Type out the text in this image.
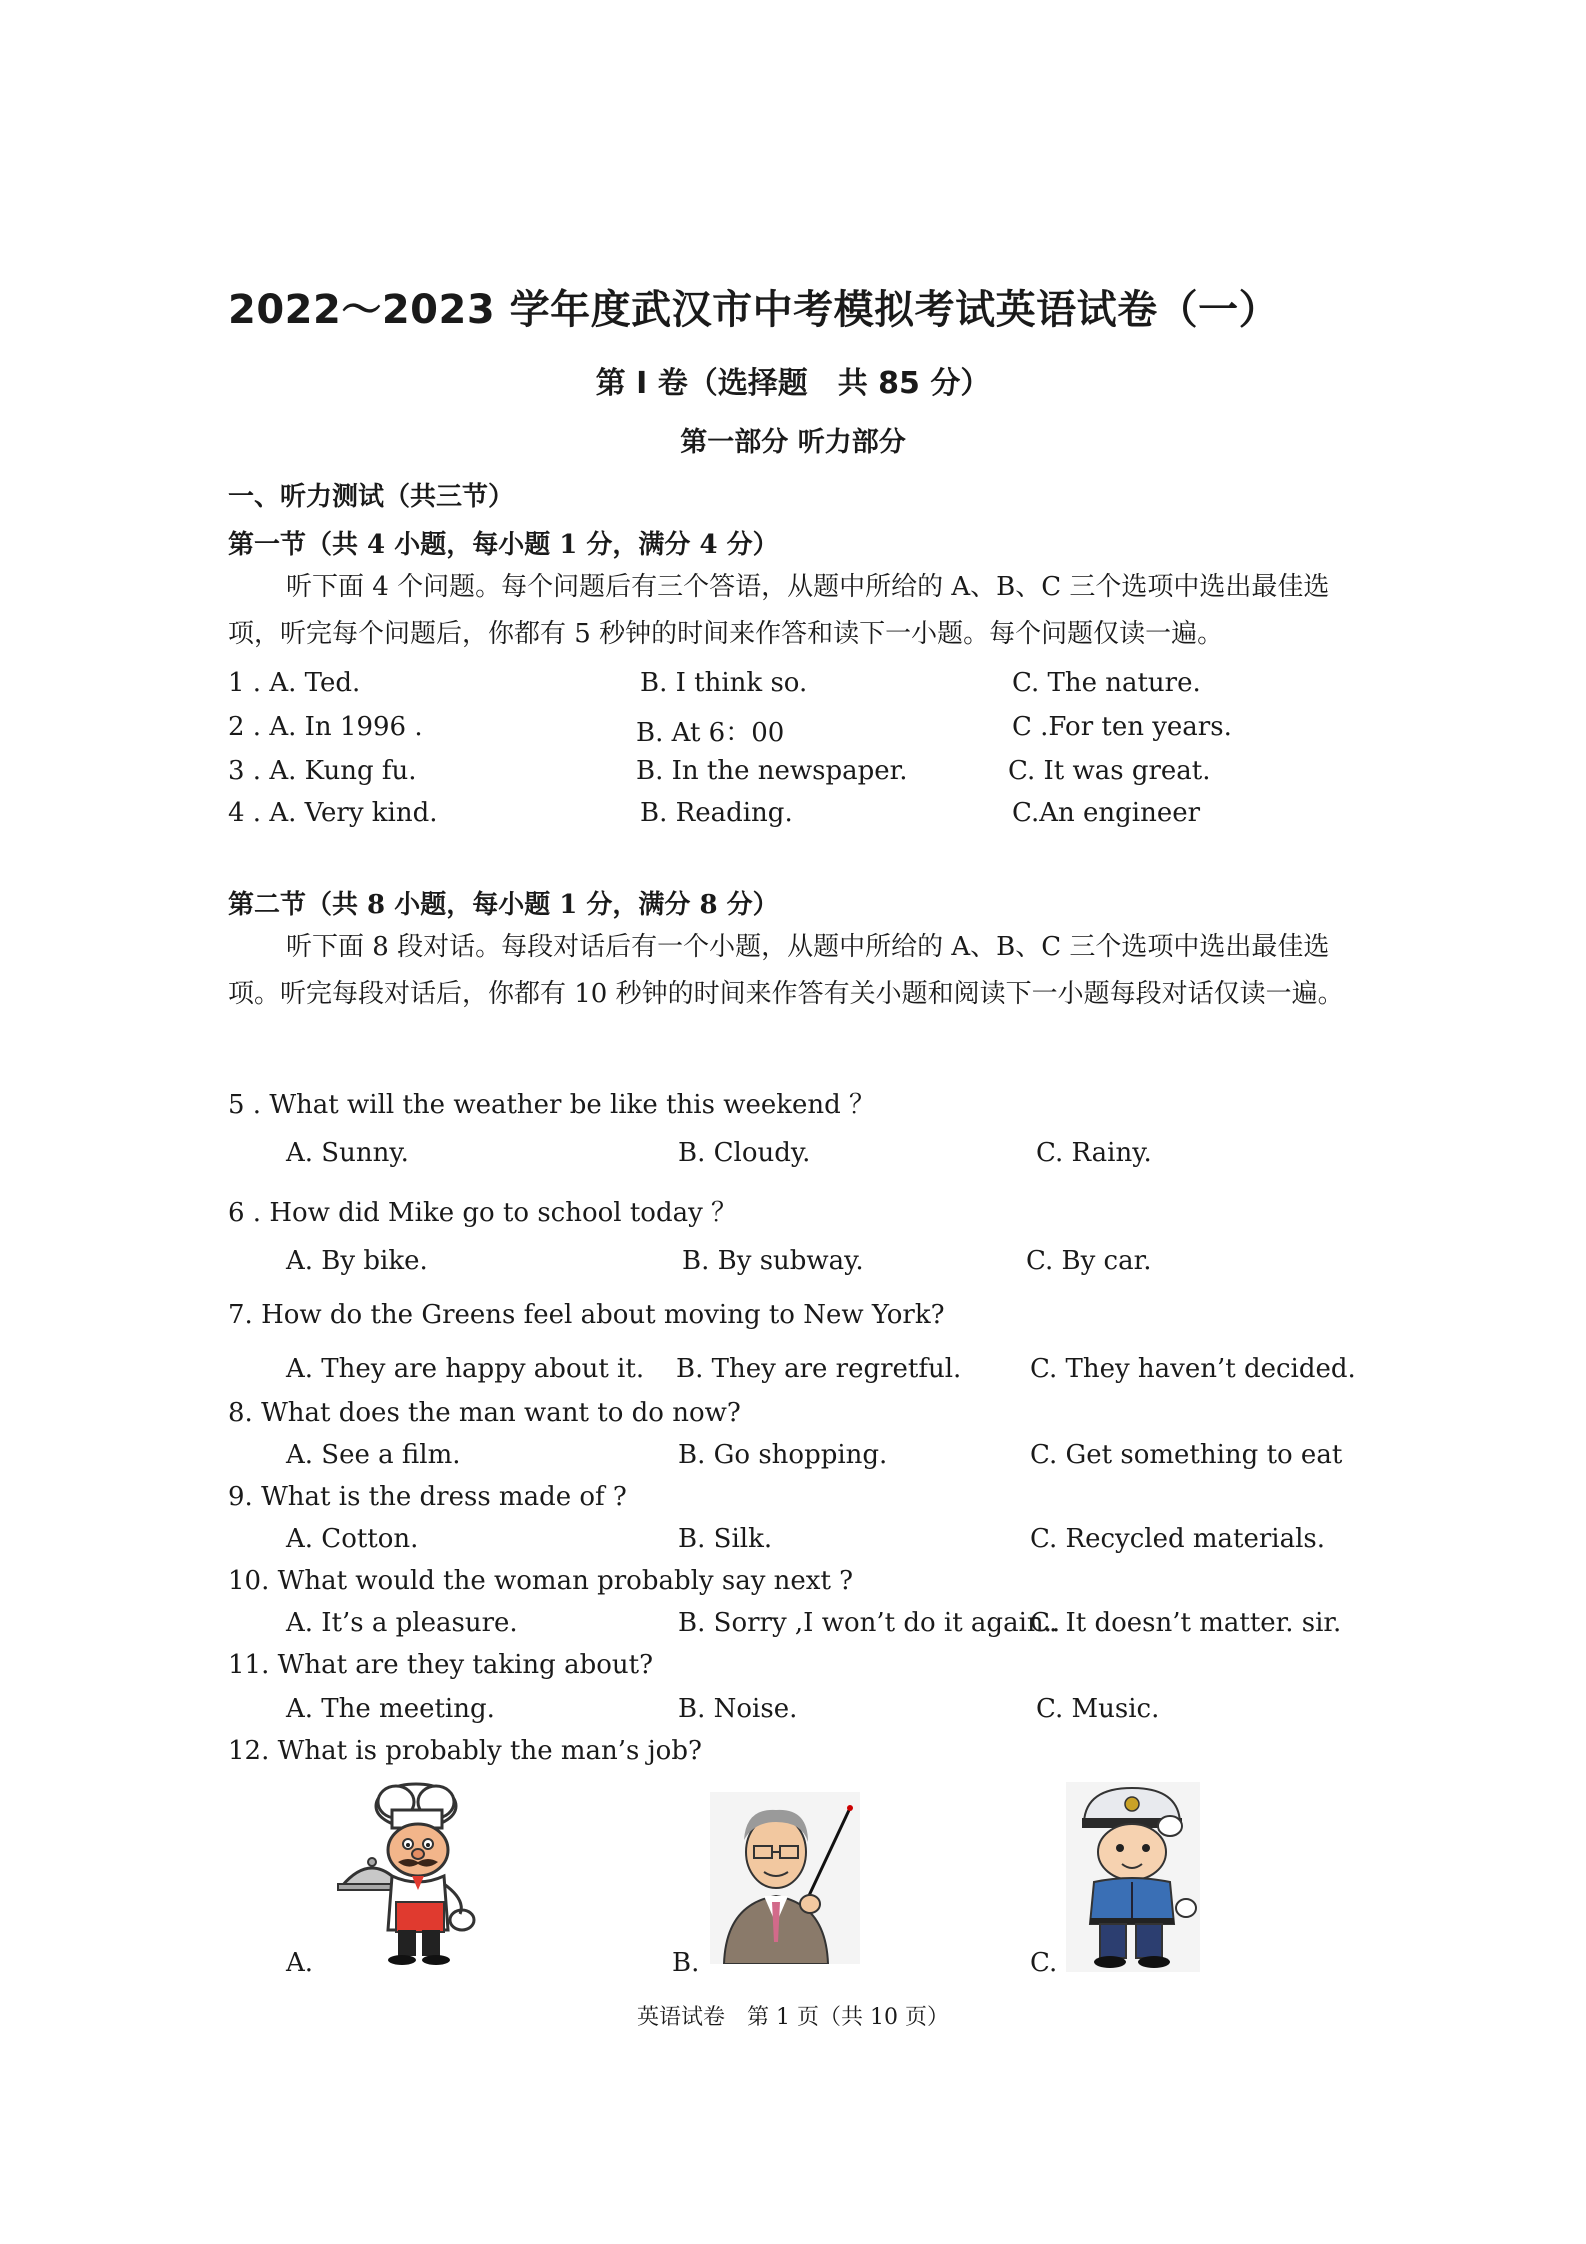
2022～2023 学年度武汉市中考模拟考试英语试卷（一）
第 I 卷（选择题　共 85 分）
第一部分 听力部分
一、听力测试（共三节）
第一节（共 4 小题，每小题 1 分，满分 4 分）
听下面 4 个问题。每个问题后有三个答语，从题中所给的 A、B、C 三个选项中选出最佳选项，听完每个问题后，你都有 5 秒钟的时间来作答和读下一小题。每个问题仅读一遍。
1 . A. Ted.	B. I think so.	C. The nature.
2 . A. In 1996 .	B. At 6：00	C .For ten years.
3 . A. Kung fu.	B. In the newspaper.	C. It was great.
4 . A. Very kind.	B. Reading.	C.An engineer
第二节（共 8 小题，每小题 1 分，满分 8 分）
听下面 8 段对话。每段对话后有一个小题，从题中所给的 A、B、C 三个选项中选出最佳选项。听完每段对话后，你都有 10 秒钟的时间来作答有关小题和阅读下一小题每段对话仅读一遍。
5 . What will the weather be like this weekend ？
A. Sunny.	B. Cloudy.	C. Rainy.
6 . How did Mike go to school today ？
A. By bike.	B. By subway.	C. By car.
7. How do the Greens feel about moving to New York?
A. They are happy about it. B. They are regretful.	C. They haven’t decided.
8. What does the man want to do now?
A. See a film.	B. Go shopping.	C. Get something to eat
9. What is the dress made of ?
A. Cotton.	B. Silk.	C. Recycled materials.
10. What would the woman probably say next ?
A. It’s a pleasure.	B. Sorry ,I won’t do it again..
C. It doesn’t matter. sir.
11. What are they taking about?
A. The meeting.	B. Noise.	C. Music.
12. What is probably the man’s job?
A.	B.	C.
英语试卷　第 1 页（共 10 页）
